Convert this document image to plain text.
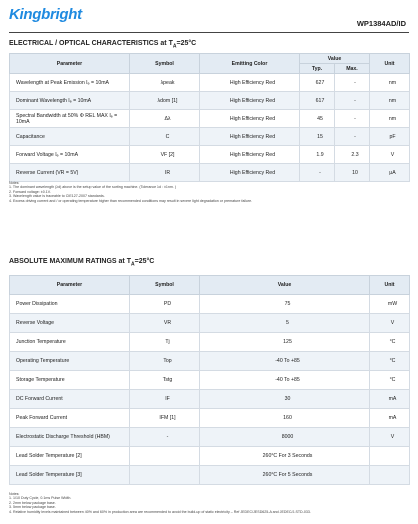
Kingbright
WP1384AD/ID
ELECTRICAL / OPTICAL CHARACTERISTICS at $T_A=25^\circ C$
Parameter	Symbol	Emitting Color	Value		Unit
			Typ.	Max.	
Wavelength at Peak Emission Iₑ = 10mA	λpeak	High Efficiency Red	627	-	nm
Dominant Wavelength Iₑ = 10mA	λdom [1]	High Efficiency Red	617	-	nm
Spectral Bandwidth at 50% Φ REL MAX Iₑ = 10mA	Δλ	High Efficiency Red	45	-	nm
Capacitance	C	High Efficiency Red	15	-	pF
Forward Voltage Iₑ = 10mA	VF [2]	High Efficiency Red	1.9	2.3	V
Reverse Current (VR = 5V)	IR	High Efficiency Red	-	10	μA
Notes:
1. The dominant wavelength (λd) above is the setup value of the sorting machine. (Tolerance λd : ±1nm. )
2. Forward voltage: ±0.1V.
3. Wavelength value is traceable to CIE127-2007 standards.
4. Excess driving current and / or operating temperature higher than recommended conditions may result in severe light degradation or premature failure.
ABSOLUTE MAXIMUM RATINGS at $T_A=25^\circ C$
Parameter	Symbol	Value	Unit
Power Dissipation	PD	75	mW
Reverse Voltage	VR	5	V
Junction Temperature	Tj	125	°C
Operating Temperature	Top	-40 To +85	°C
Storage Temperature	Tstg	-40 To +85	°C
DC Forward Current	IF	30	mA
Peak Forward Current	IFM [1]	160	mA
Electrostatic Discharge Threshold (HBM)	-	8000	V
Lead Solder Temperature [2]		260°C For 3 Seconds	
Lead Solder Temperature [3]		260°C For 5 Seconds	
Notes:
1. 1/10 Duty Cycle, 0.1ms Pulse Width.
2. 2mm below package base.
3. 5mm below package base.
4. Relative humidity levels maintained between 40% and 60% in production area are recommended to avoid the build-up of static electricity – Ref JEDEC/JESD625-A and JEDEC/J-STD-033.
